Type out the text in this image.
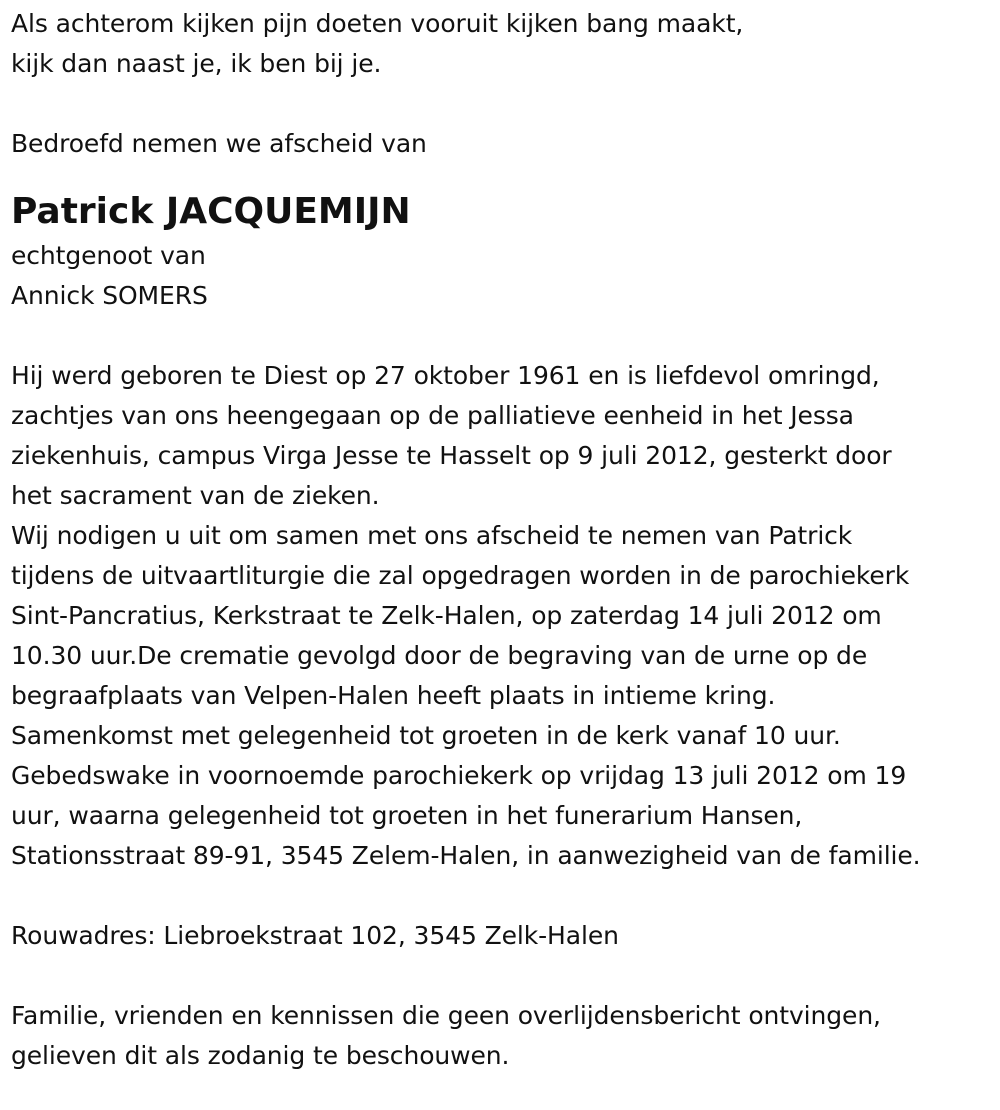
Als achterom kijken pijn doeten vooruit kijken bang maakt,
kijk dan naast je, ik ben bij je.
Bedroefd nemen we afscheid van
Patrick JACQUEMIJN
echtgenoot van
Annick SOMERS
Hij werd geboren te Diest op 27 oktober 1961 en is liefdevol omringd,
zachtjes van ons heengegaan op de palliatieve eenheid in het Jessa
ziekenhuis, campus Virga Jesse te Hasselt op 9 juli 2012, gesterkt door
het sacrament van de zieken.
Wij nodigen u uit om samen met ons afscheid te nemen van Patrick
tijdens de uitvaartliturgie die zal opgedragen worden in de parochiekerk
Sint-Pancratius, Kerkstraat te Zelk-Halen, op zaterdag 14 juli 2012 om
10.30 uur.De crematie gevolgd door de begraving van de urne op de
begraafplaats van Velpen-Halen heeft plaats in intieme kring.
Samenkomst met gelegenheid tot groeten in de kerk vanaf 10 uur.
Gebedswake in voornoemde parochiekerk op vrijdag 13 juli 2012 om 19
uur, waarna gelegenheid tot groeten in het funerarium Hansen,
Stationsstraat 89-91, 3545 Zelem-Halen, in aanwezigheid van de familie.
Rouwadres: Liebroekstraat 102, 3545 Zelk-Halen
Familie, vrienden en kennissen die geen overlijdensbericht ontvingen,
gelieven dit als zodanig te beschouwen.
